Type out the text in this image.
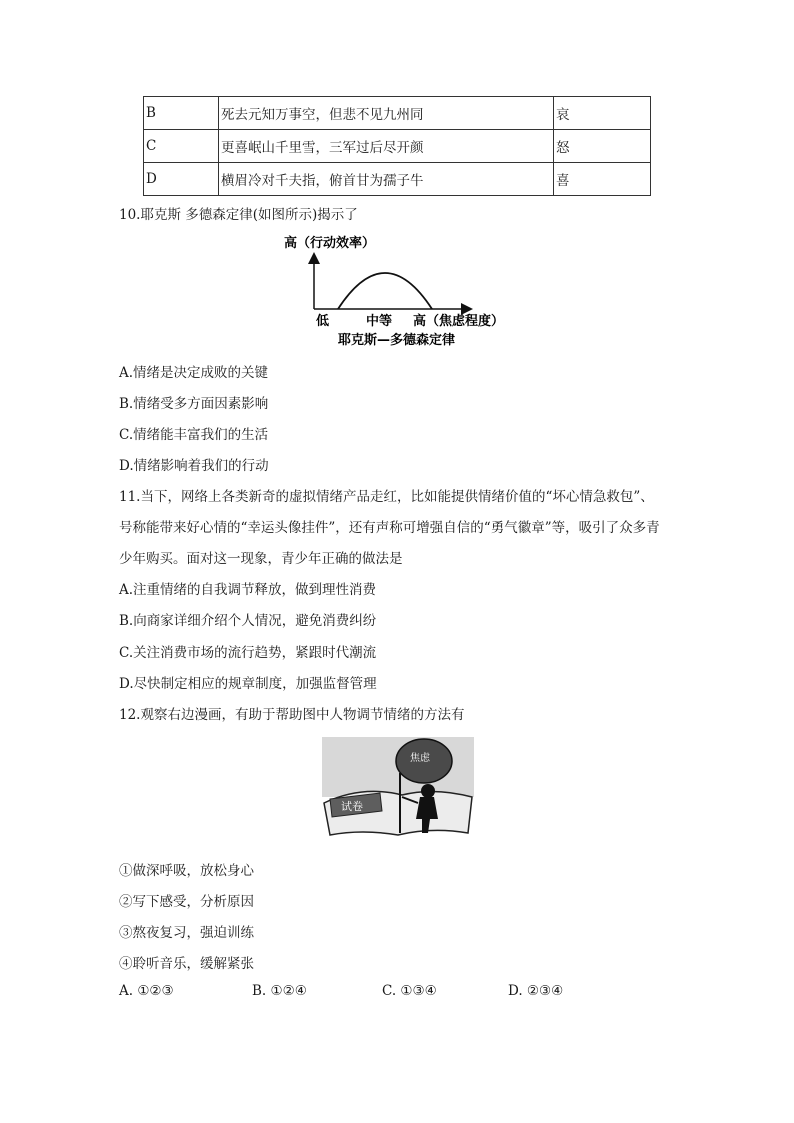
B	死去元知万事空，但悲不见九州同	哀
C	更喜岷山千里雪，三军过后尽开颜	怒
D	横眉冷对千夫指，俯首甘为孺子牛	喜
10.耶克斯 多德森定律(如图所示)揭示了
高（行动效率）
低	中等 高（焦虑程度）
耶克斯—多德森定律
A.情绪是决定成败的关键
B.情绪受多方面因素影响
C.情绪能丰富我们的生活
D.情绪影响着我们的行动
11.当下，网络上各类新奇的虚拟情绪产品走红，比如能提供情绪价值的“坏心情急救包”、
号称能带来好心情的“幸运头像挂件”，还有声称可增强自信的“勇气徽章”等，吸引了众多青
少年购买。面对这一现象，青少年正确的做法是
A.注重情绪的自我调节释放，做到理性消费
B.向商家详细介绍个人情况，避免消费纠纷
C.关注消费市场的流行趋势，紧跟时代潮流
D.尽快制定相应的规章制度，加强监督管理
12.观察右边漫画，有助于帮助图中人物调节情绪的方法有
试卷
焦虑
①做深呼吸，放松身心
②写下感受，分析原因
③熬夜复习，强迫训练
④聆听音乐，缓解紧张
A. ①②③	B. ①②④	C. ①③④	D. ②③④
